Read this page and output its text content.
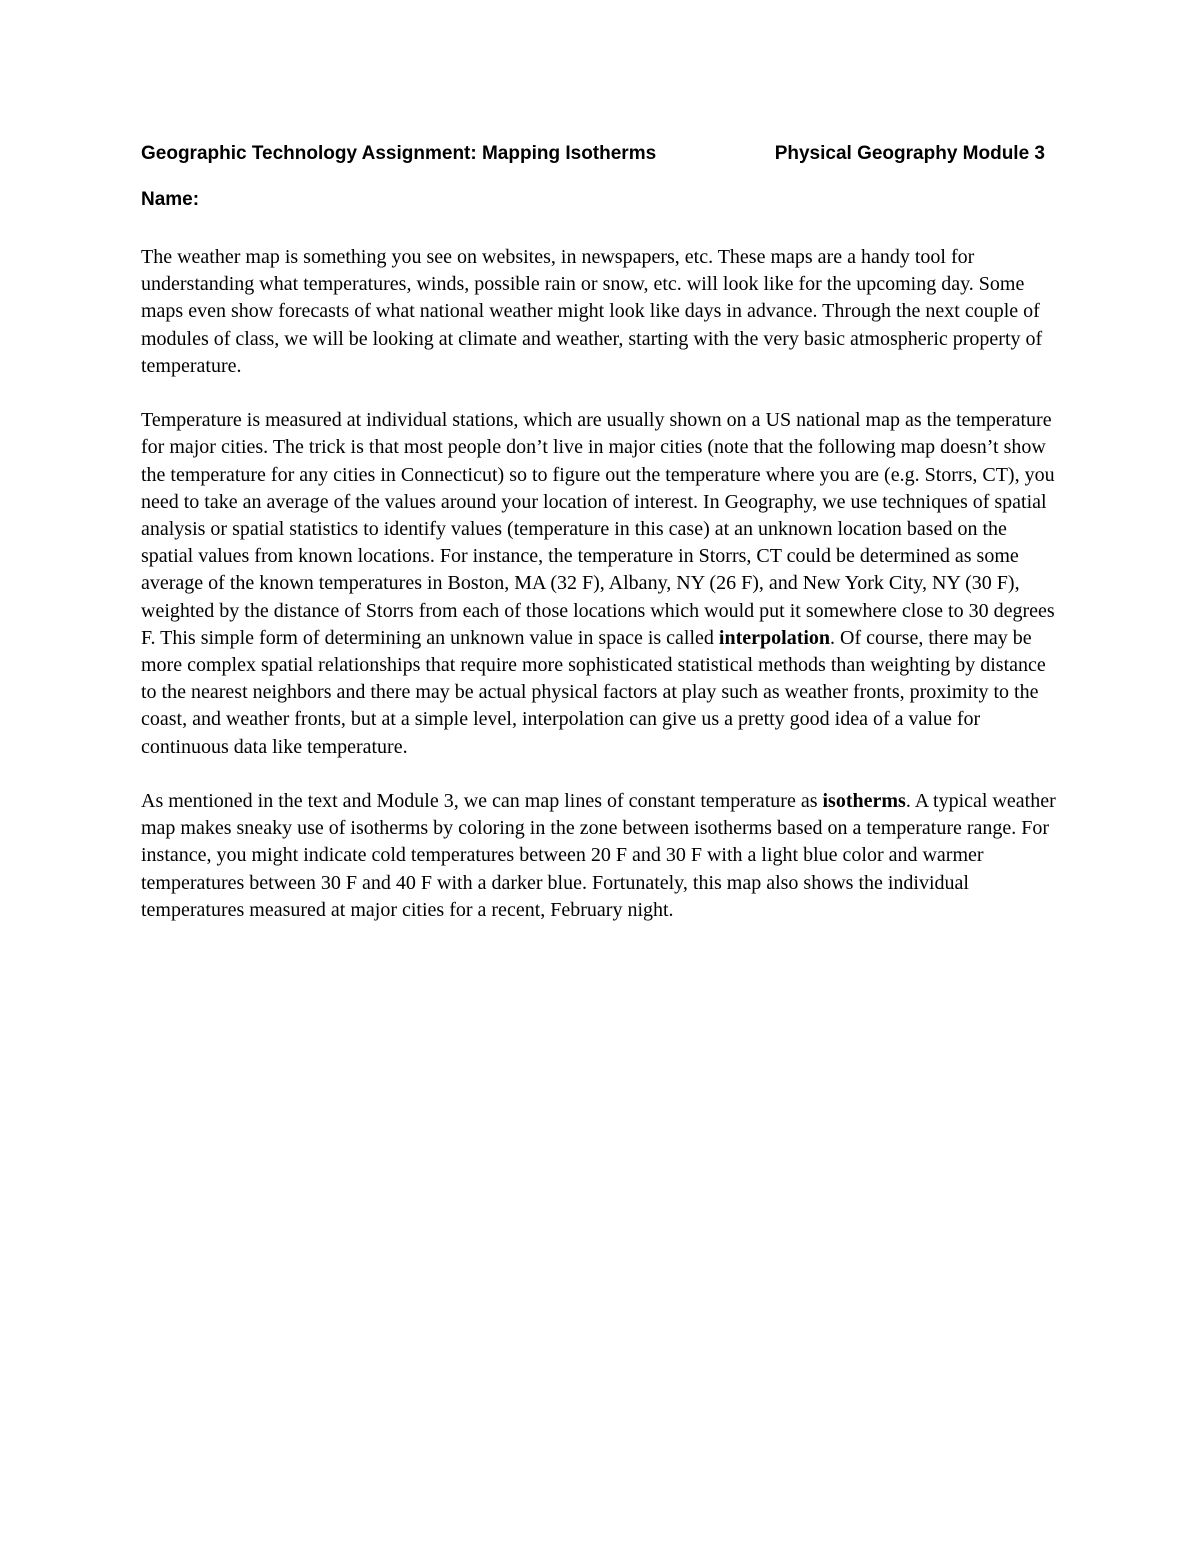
Geographic Technology Assignment: Mapping Isotherms	Physical Geography Module 3
Name:

The weather map is something you see on websites, in newspapers, etc. These maps are a handy tool for understanding what temperatures, winds, possible rain or snow, etc. will look like for the upcoming day. Some maps even show forecasts of what national weather might look like days in advance. Through the next couple of modules of class, we will be looking at climate and weather, starting with the very basic atmospheric property of temperature.

Temperature is measured at individual stations, which are usually shown on a US national map as the temperature for major cities. The trick is that most people don’t live in major cities (note that the following map doesn’t show the temperature for any cities in Connecticut) so to figure out the temperature where you are (e.g. Storrs, CT), you need to take an average of the values around your location of interest. In Geography, we use techniques of spatial analysis or spatial statistics to identify values (temperature in this case) at an unknown location based on the spatial values from known locations. For instance, the temperature in Storrs, CT could be determined as some average of the known temperatures in Boston, MA (32 F), Albany, NY (26 F), and New York City, NY (30 F), weighted by the distance of Storrs from each of those locations which would put it somewhere close to 30 degrees F. This simple form of determining an unknown value in space is called interpolation. Of course, there may be more complex spatial relationships that require more sophisticated statistical methods than weighting by distance to the nearest neighbors and there may be actual physical factors at play such as weather fronts, proximity to the coast, and weather fronts, but at a simple level, interpolation can give us a pretty good idea of a value for continuous data like temperature.

As mentioned in the text and Module 3, we can map lines of constant temperature as isotherms. A typical weather map makes sneaky use of isotherms by coloring in the zone between isotherms based on a temperature range. For instance, you might indicate cold temperatures between 20 F and 30 F with a light blue color and warmer temperatures between 30 F and 40 F with a darker blue. Fortunately, this map also shows the individual temperatures measured at major cities for a recent, February night.
